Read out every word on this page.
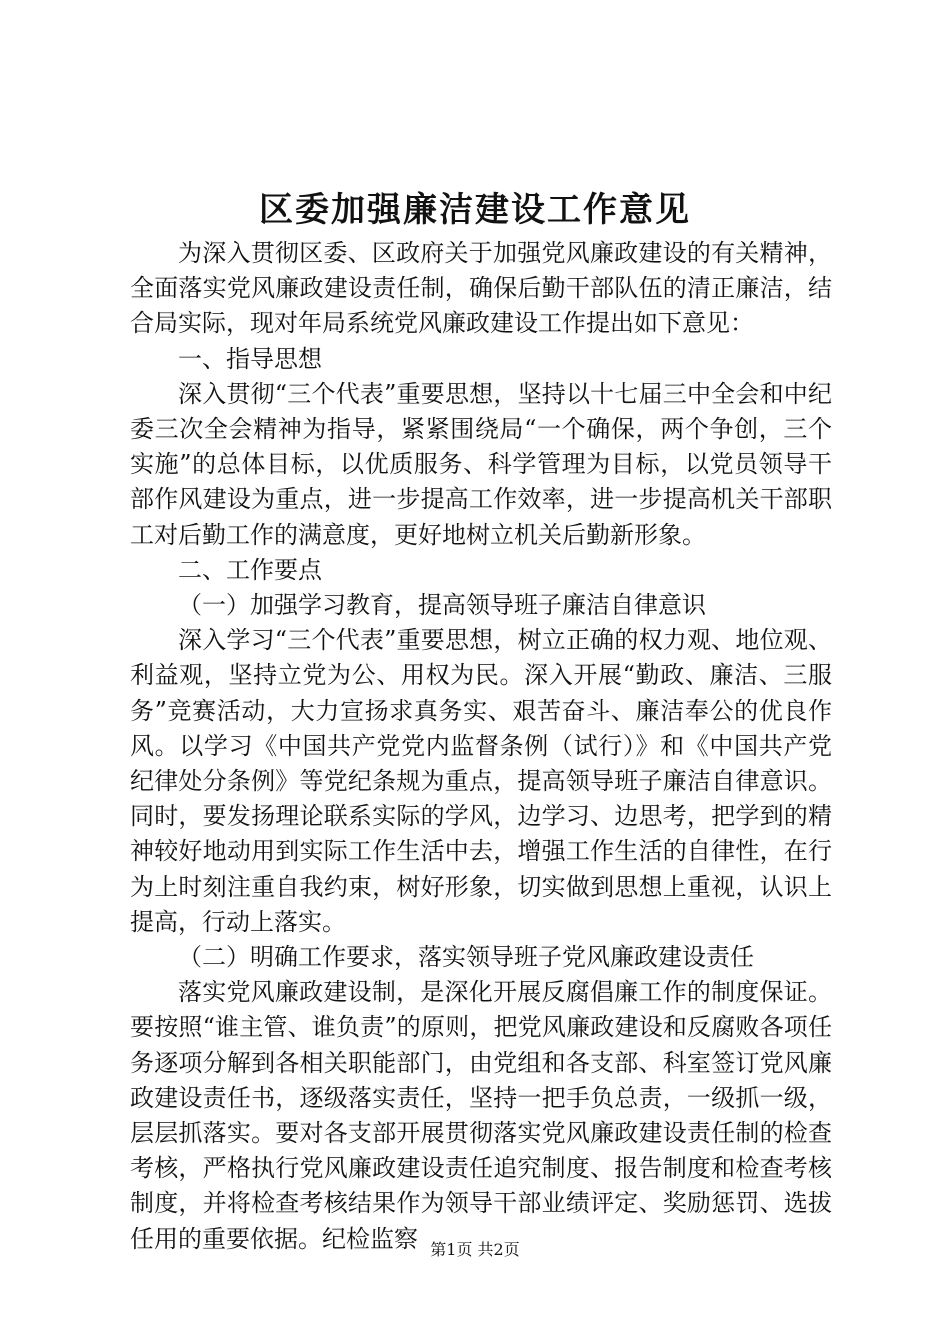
区委加强廉洁建设工作意见

为深入贯彻区委、区政府关于加强党风廉政建设的有关精神，全面落实党风廉政建设责任制，确保后勤干部队伍的清正廉洁，结合局实际，现对年局系统党风廉政建设工作提出如下意见：

一、指导思想

深入贯彻“三个代表”重要思想，坚持以十七届三中全会和中纪委三次全会精神为指导，紧紧围绕局“一个确保，两个争创，三个实施”的总体目标，以优质服务、科学管理为目标，以党员领导干部作风建设为重点，进一步提高工作效率，进一步提高机关干部职工对后勤工作的满意度，更好地树立机关后勤新形象。

二、工作要点

（一）加强学习教育，提高领导班子廉洁自律意识

深入学习“三个代表”重要思想，树立正确的权力观、地位观、利益观，坚持立党为公、用权为民。深入开展“勤政、廉洁、三服务”竞赛活动，大力宣扬求真务实、艰苦奋斗、廉洁奉公的优良作风。以学习《中国共产党党内监督条例（试行）》和《中国共产党纪律处分条例》等党纪条规为重点，提高领导班子廉洁自律意识。同时，要发扬理论联系实际的学风，边学习、边思考，把学到的精神较好地动用到实际工作生活中去，增强工作生活的自律性，在行为上时刻注重自我约束，树好形象，切实做到思想上重视，认识上提高，行动上落实。

（二）明确工作要求，落实领导班子党风廉政建设责任

落实党风廉政建设制，是深化开展反腐倡廉工作的制度保证。要按照“谁主管、谁负责”的原则，把党风廉政建设和反腐败各项任务逐项分解到各相关职能部门，由党组和各支部、科室签订党风廉政建设责任书，逐级落实责任，坚持一把手负总责，一级抓一级，层层抓落实。要对各支部开展贯彻落实党风廉政建设责任制的检查考核，严格执行党风廉政建设责任追究制度、报告制度和检查考核制度，并将检查考核结果作为领导干部业绩评定、奖励惩罚、选拔任用的重要依据。纪检监察 第1页 共2页
